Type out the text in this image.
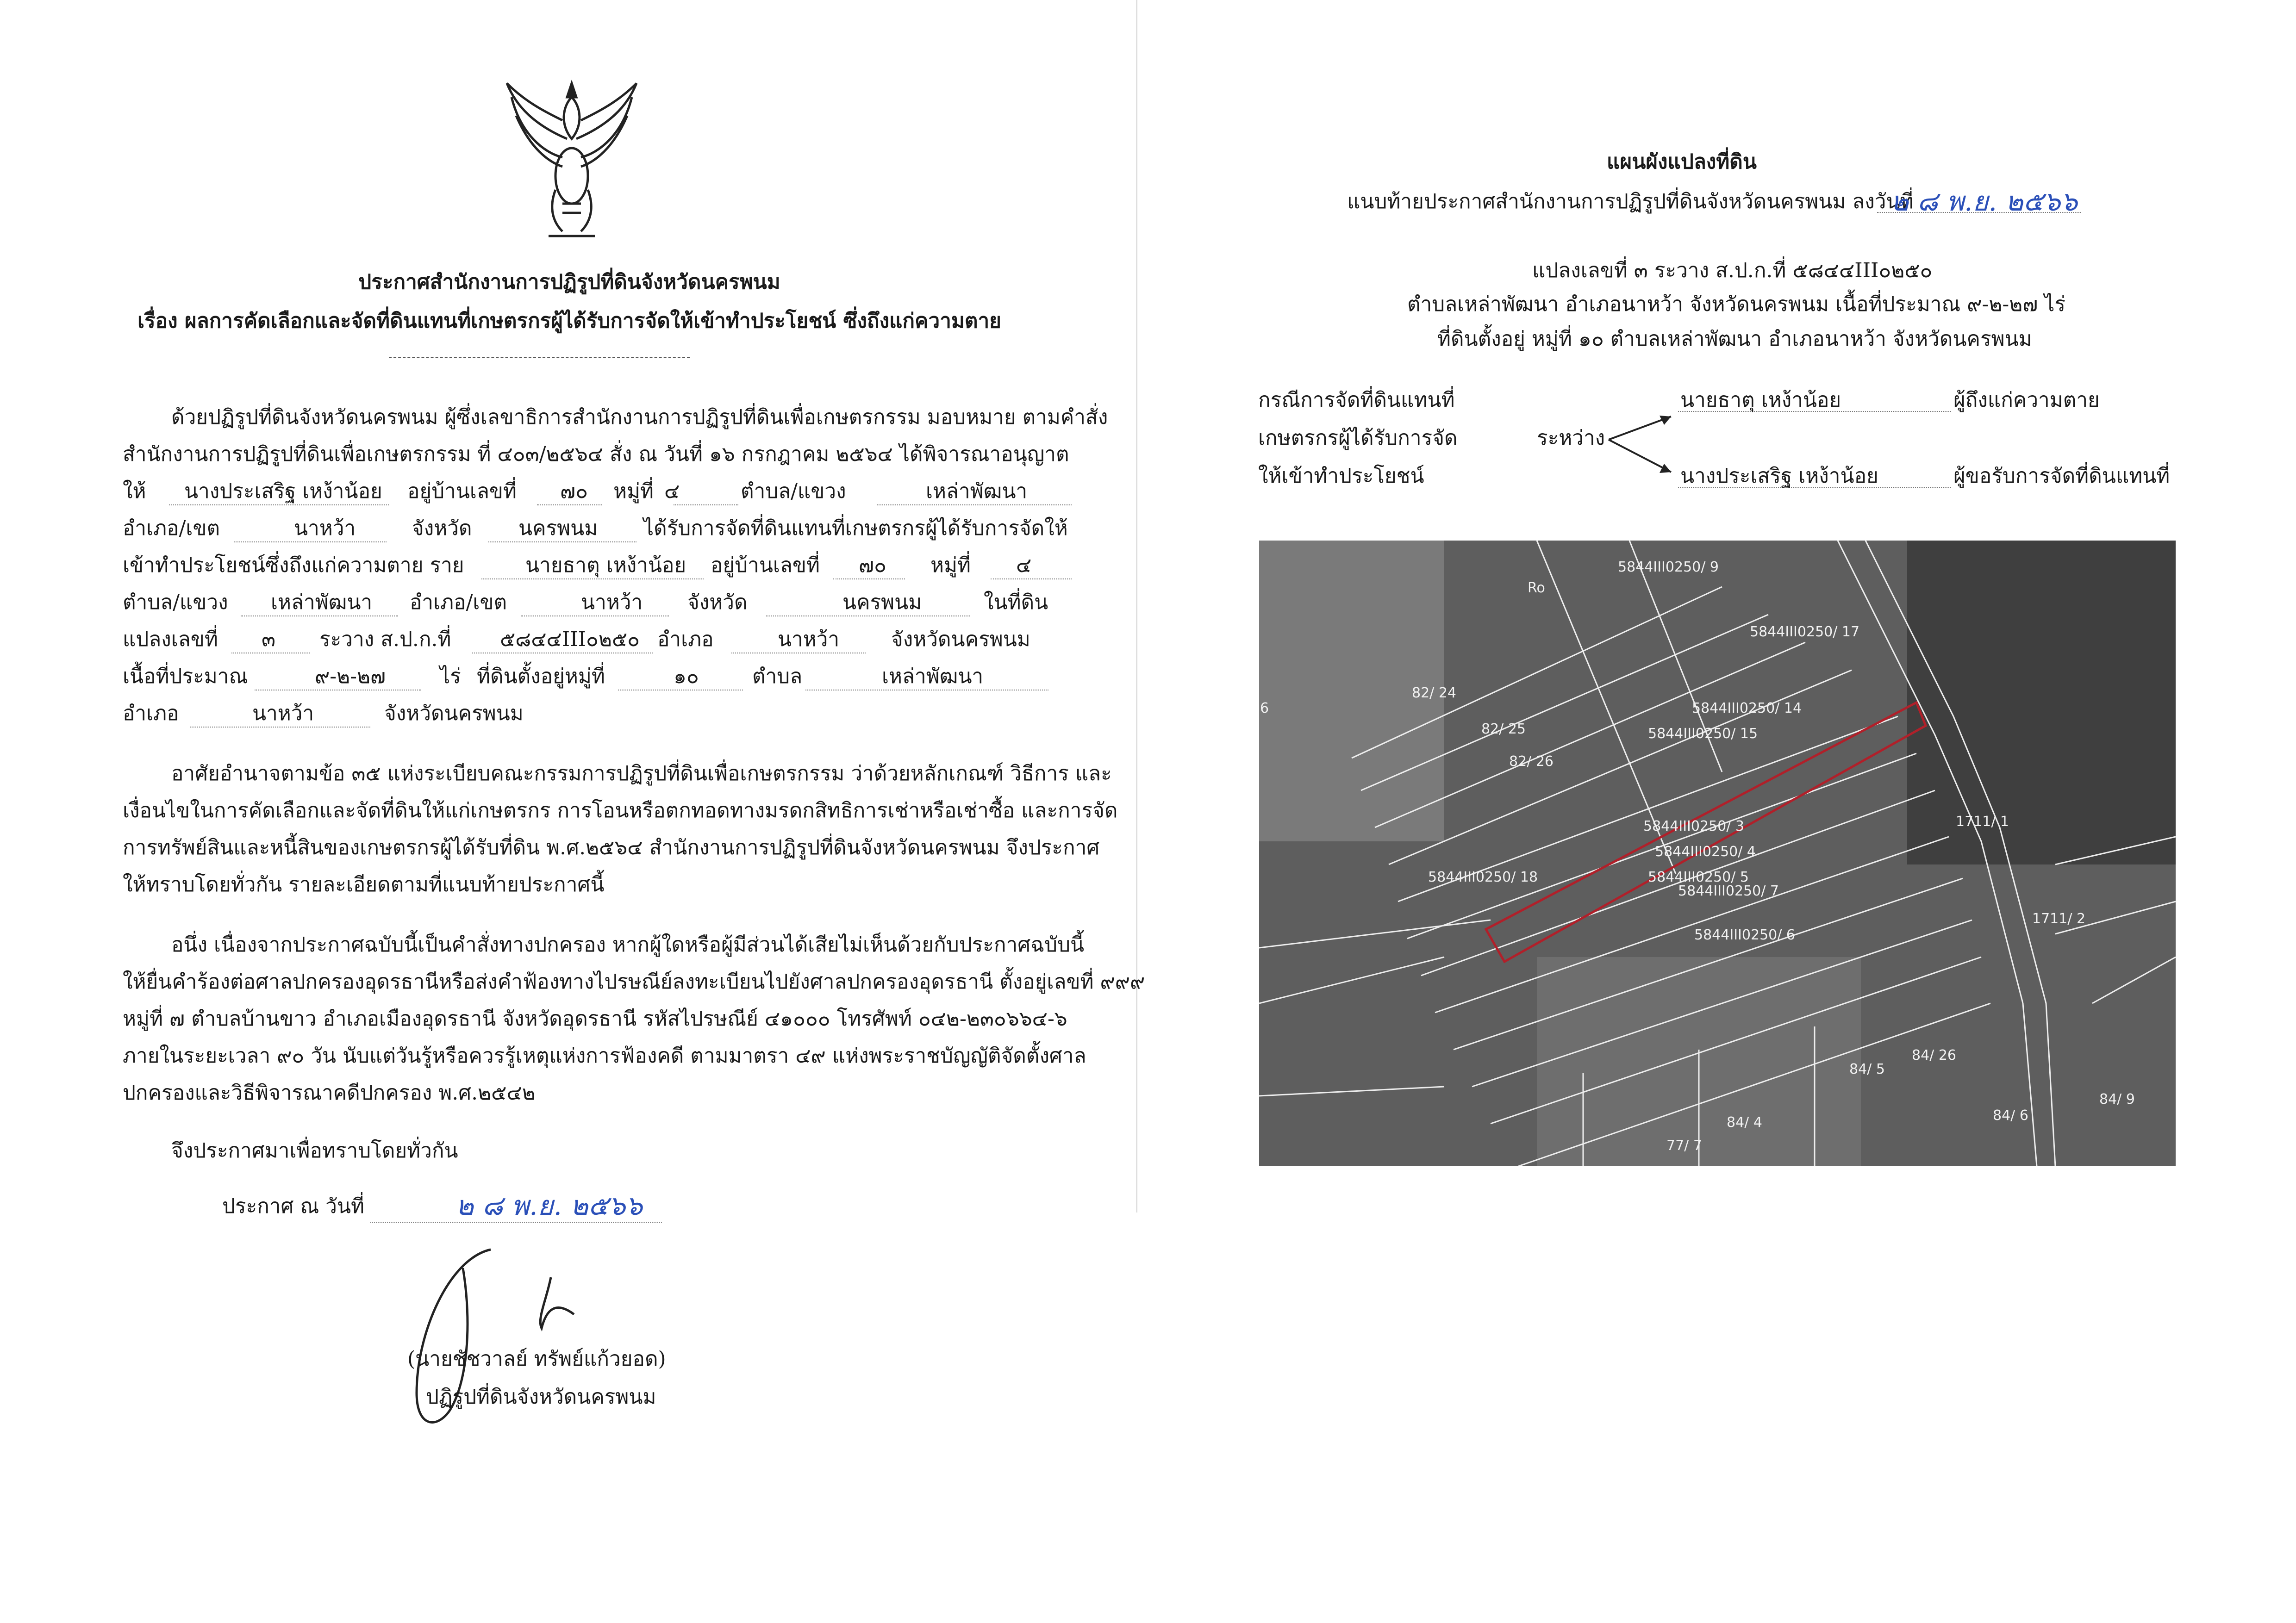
ประกาศสำนักงานการปฏิรูปที่ดินจังหวัดนครพนม
เรื่อง ผลการคัดเลือกและจัดที่ดินแทนที่เกษตรกรผู้ได้รับการจัดให้เข้าทำประโยชน์ ซึ่งถึงแก่ความตาย
ด้วยปฏิรูปที่ดินจังหวัดนครพนม ผู้ซึ่งเลขาธิการสำนักงานการปฏิรูปที่ดินเพื่อเกษตรกรรม มอบหมาย ตามคำสั่ง
สำนักงานการปฏิรูปที่ดินเพื่อเกษตรกรรม ที่ ๔๐๓/๒๕๖๔ สั่ง ณ วันที่ ๑๖ กรกฎาคม ๒๕๖๔ ได้พิจารณาอนุญาต
ให้ นางประเสริฐ เหง้าน้อย อยู่บ้านเลขที่ ๗๐ หมู่ที่ ๔	ตำบล/แขวง	เหล่าพัฒนา
อำเภอ/เขต	นาหว้า	จังหวัด นครพนม ได้รับการจัดที่ดินแทนที่เกษตรกรผู้ได้รับการจัดให้
เข้าทำประโยชน์ซึ่งถึงแก่ความตาย ราย	นายธาตุ เหง้าน้อย อยู่บ้านเลขที่ ๗๐ หมู่ที่ ๔
ตำบล/แขวง เหล่าพัฒนา อำเภอ/เขต	นาหว้า จังหวัด	นครพนม	ในที่ดิน
แปลงเลขที่ ๓ ระวาง ส.ป.ก.ที่ ๕๘๔๔III๐๒๕๐ อำเภอ	นาหว้า	จังหวัดนครพนม
เนื้อที่ประมาณ	๙-๒-๒๗	ไร่ ที่ดินตั้งอยู่หมู่ที่	๑๐	ตำบล	เหล่าพัฒนา
อำเภอ	นาหว้า	จังหวัดนครพนม
อาศัยอำนาจตามข้อ ๓๕ แห่งระเบียบคณะกรรมการปฏิรูปที่ดินเพื่อเกษตรกรรม ว่าด้วยหลักเกณฑ์ วิธีการ และ
เงื่อนไขในการคัดเลือกและจัดที่ดินให้แก่เกษตรกร การโอนหรือตกทอดทางมรดกสิทธิการเช่าหรือเช่าซื้อ และการจัด
การทรัพย์สินและหนี้สินของเกษตรกรผู้ได้รับที่ดิน พ.ศ.๒๕๖๔ สำนักงานการปฏิรูปที่ดินจังหวัดนครพนม จึงประกาศ
ให้ทราบโดยทั่วกัน รายละเอียดตามที่แนบท้ายประกาศนี้
อนึ่ง เนื่องจากประกาศฉบับนี้เป็นคำสั่งทางปกครอง หากผู้ใดหรือผู้มีส่วนได้เสียไม่เห็นด้วยกับประกาศฉบับนี้
ให้ยื่นคำร้องต่อศาลปกครองอุดรธานีหรือส่งคำฟ้องทางไปรษณีย์ลงทะเบียนไปยังศาลปกครองอุดรธานี ตั้งอยู่เลขที่ ๙๙๙
หมู่ที่ ๗ ตำบลบ้านขาว อำเภอเมืองอุดรธานี จังหวัดอุดรธานี รหัสไปรษณีย์ ๔๑๐๐๐ โทรศัพท์ ๐๔๒-๒๓๐๖๖๔-๖
ภายในระยะเวลา ๙๐ วัน นับแต่วันรู้หรือควรรู้เหตุแห่งการฟ้องคดี ตามมาตรา ๔๙ แห่งพระราชบัญญัติจัดตั้งศาล
ปกครองและวิธีพิจารณาคดีปกครอง พ.ศ.๒๕๔๒
จึงประกาศมาเพื่อทราบโดยทั่วกัน
ประกาศ ณ วันที่	๒ ๘ พ.ย. ๒๕๖๖
(นายชัชวาลย์ ทรัพย์แก้วยอด)
ปฏิรูปที่ดินจังหวัดนครพนม
แผนผังแปลงที่ดิน
แนบท้ายประกาศสำนักงานการปฏิรูปที่ดินจังหวัดนครพนม ลงวันที่
๒ ๘ พ.ย. ๒๕๖๖
แปลงเลขที่ ๓ ระวาง ส.ป.ก.ที่ ๕๘๔๔III๐๒๕๐
ตำบลเหล่าพัฒนา อำเภอนาหว้า จังหวัดนครพนม เนื้อที่ประมาณ ๙-๒-๒๗ ไร่
ที่ดินตั้งอยู่ หมู่ที่ ๑๐ ตำบลเหล่าพัฒนา อำเภอนาหว้า จังหวัดนครพนม
กรณีการจัดที่ดินแทนที่
เกษตรกรผู้ได้รับการจัด
ให้เข้าทำประโยชน์
ระหว่าง
นายธาตุ เหง้าน้อย	ผู้ถึงแก่ความตาย
นางประเสริฐ เหง้าน้อย	ผู้ขอรับการจัดที่ดินแทนที่
5844III0250/ 9
Ro
5844III0250/ 17
82/ 24
82/ 25
5844III0250/ 14
5844III0250/ 15
82/ 26
5844III0250/ 3
5844III0250/ 4
5844III0250/ 5
5844III0250/ 7
5844III0250/ 18
5844III0250/ 6
1711/ 1
1711/ 2
84/ 5
84/ 26
84/ 4	84/ 6
84/ 9
77/ 7
6
